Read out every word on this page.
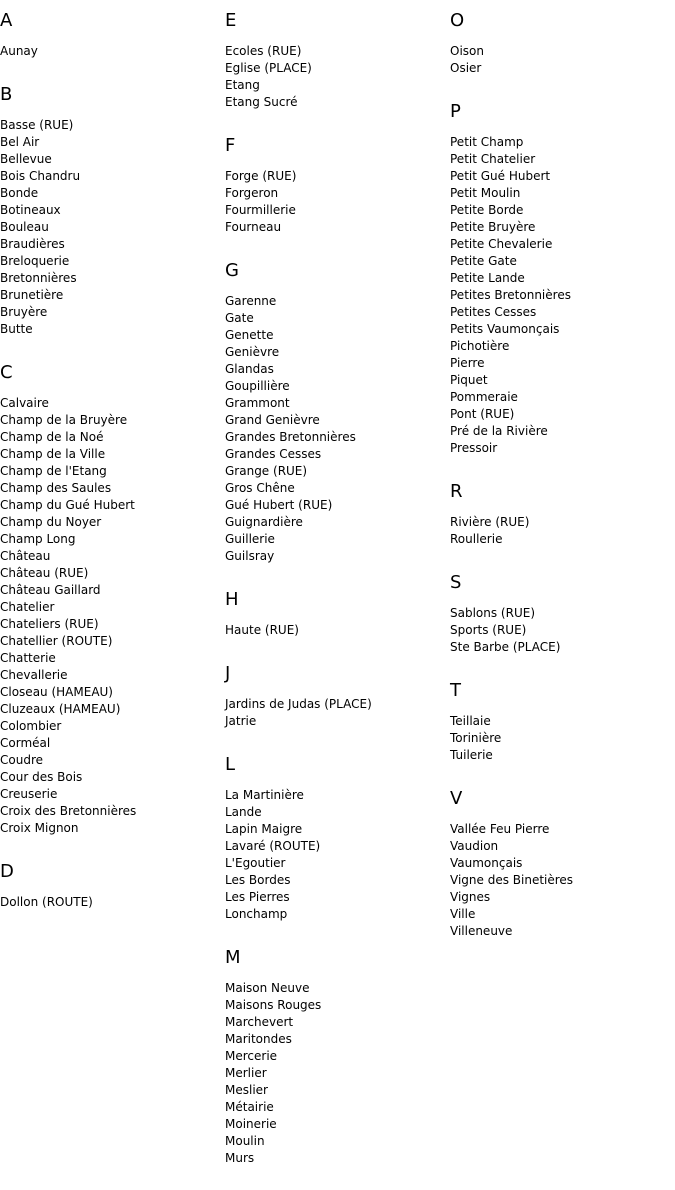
A
Aunay
B
Basse (RUE)
Bel Air
Bellevue
Bois Chandru
Bonde
Botineaux
Bouleau
Braudières
Breloquerie
Bretonnières
Brunetière
Bruyère
Butte
C
Calvaire
Champ de la Bruyère
Champ de la Noé
Champ de la Ville
Champ de l'Etang
Champ des Saules
Champ du Gué Hubert
Champ du Noyer
Champ Long
Château
Château (RUE)
Château Gaillard
Chatelier
Chateliers (RUE)
Chatellier (ROUTE)
Chatterie
Chevallerie
Closeau (HAMEAU)
Cluzeaux (HAMEAU)
Colombier
Corméal
Coudre
Cour des Bois
Creuserie
Croix des Bretonnières
Croix Mignon
D
Dollon (ROUTE)
E
Ecoles (RUE)
Eglise (PLACE)
Etang
Etang Sucré
F
Forge (RUE)
Forgeron
Fourmillerie
Fourneau
G
Garenne
Gate
Genette
Genièvre
Glandas
Goupillière
Grammont
Grand Genièvre
Grandes Bretonnières
Grandes Cesses
Grange (RUE)
Gros Chêne
Gué Hubert (RUE)
Guignardière
Guillerie
Guilsray
H
Haute (RUE)
J
Jardins de Judas (PLACE)
Jatrie
L
La Martinière
Lande
Lapin Maigre
Lavaré (ROUTE)
L'Egoutier
Les Bordes
Les Pierres
Lonchamp
M
Maison Neuve
Maisons Rouges
Marchevert
Maritondes
Mercerie
Merlier
Meslier
Métairie
Moinerie
Moulin
Murs
O
Oison
Osier
P
Petit Champ
Petit Chatelier
Petit Gué Hubert
Petit Moulin
Petite Borde
Petite Bruyère
Petite Chevalerie
Petite Gate
Petite Lande
Petites Bretonnières
Petites Cesses
Petits Vaumonçais
Pichotière
Pierre
Piquet
Pommeraie
Pont (RUE)
Pré de la Rivière
Pressoir
R
Rivière (RUE)
Roullerie
S
Sablons (RUE)
Sports (RUE)
Ste Barbe (PLACE)
T
Teillaie
Torinière
Tuilerie
V
Vallée Feu Pierre
Vaudion
Vaumonçais
Vigne des Binetières
Vignes
Ville
Villeneuve
